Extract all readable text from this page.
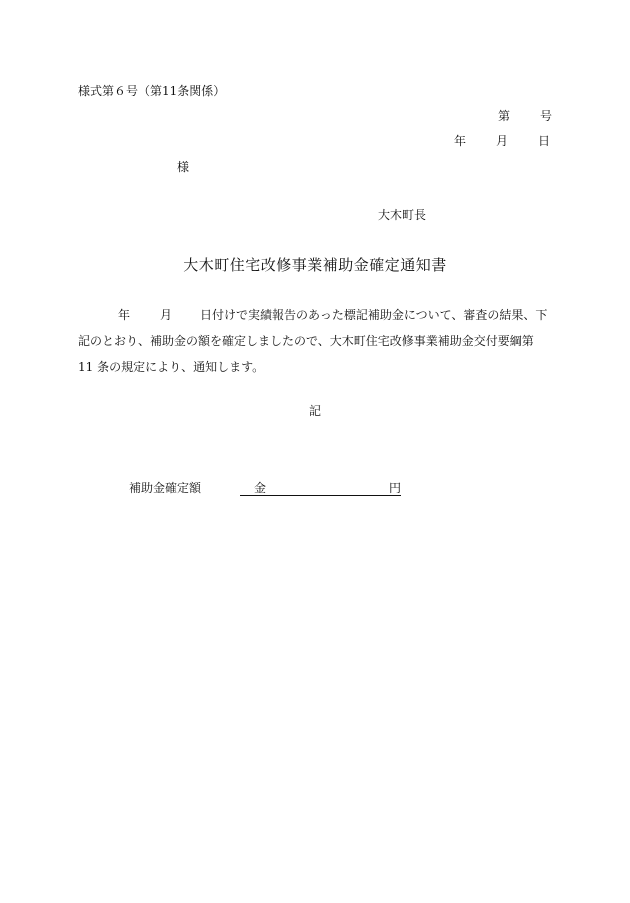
様式第６号（第11条関係）
第	号
年	月	日
様
大木町長
大木町住宅改修事業補助金確定通知書
年	月 日付けで実績報告のあった標記補助金について、審査の結果、下
記のとおり、補助金の額を確定しましたので、大木町住宅改修事業補助金交付要綱第
11 条の規定により、通知します。
記
補助金確定額	金	円
